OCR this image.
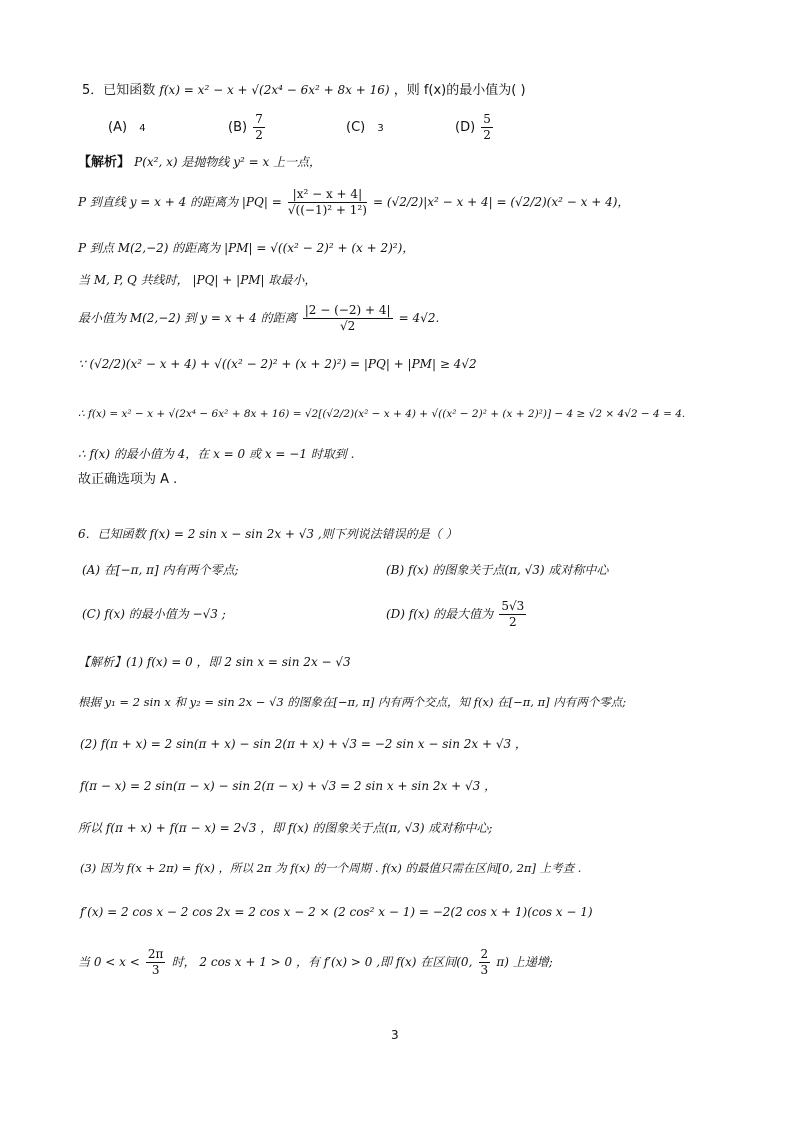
5．已知函数 f(x) = x² − x + √(2x⁴ − 6x² + 8x + 16) ，则 f(x)的最小值为( )
(A) 4	$(B) \frac{7}{2}$	(C) 3	$(D) \frac{5}{2}$
【解析】 P(x², x) 是抛物线 y² = x 上一点，
P 到直线 y = x + 4 的距离为 $|PQ| = \frac{\text{|x² − x + 4|}}{\text{√((−1)² + 1²)}} = (√2/2)|x^2 - x + 4| = (√2/2)(x^2 - x + 4)$，
P 到点 M(2,−2) 的距离为 |PM| = √((x² − 2)² + (x + 2)²)，
当 M, P, Q 共线时， |PQ| + |PM| 取最小，
最小值为 M(2,−2) 到 y = x + 4 的距离 $\frac{|2 - (-2) + 4|}{√2} = 4√2$.
∵ (√2/2)(x² − x + 4) + √((x² − 2)² + (x + 2)²) = |PQ| + |PM| ≥ 4√2
∴ f(x) = x² − x + √(2x⁴ − 6x² + 8x + 16) = √2[(√2/2)(x² − x + 4) + √((x² − 2)² + (x + 2)²)] − 4 ≥ √2 × 4√2 − 4 = 4.
∴ f(x) 的最小值为 4，在 x = 0 或 x = −1 时取到 .
故正确选项为 A .
6．已知函数 f(x) = 2 sin x − sin 2x + √3 ,则下列说法错误的是（ ）
(A) 在[−π, π] 内有两个零点;	(B) f(x) 的图象关于点(π, √3) 成对称中心
(C) f(x) 的最小值为 −√3 ;	(D) f(x) 的最大值为 $\frac{5√3}{2}$
【解析】(1) f(x) = 0 ，即 2 sin x = sin 2x − √3
根据 y₁ = 2 sin x 和 y₂ = sin 2x − √3 的图象在[−π, π] 内有两个交点，知 f(x) 在[−π, π] 内有两个零点;
(2) f(π + x) = 2 sin(π + x) − sin 2(π + x) + √3 = −2 sin x − sin 2x + √3 ，
f(π − x) = 2 sin(π − x) − sin 2(π − x) + √3 = 2 sin x + sin 2x + √3 ，
所以 f(π + x) + f(π − x) = 2√3 ，即 f(x) 的图象关于点(π, √3) 成对称中心;
(3) 因为 f(x + 2π) = f(x) ，所以 2π 为 f(x) 的一个周期 . f(x) 的最值只需在区间[0, 2π] 上考查 .
f′(x) = 2 cos x − 2 cos 2x = 2 cos x − 2 × (2 cos² x − 1) = −2(2 cos x + 1)(cos x − 1)
当 $0 < x < \frac{2\pi}{3}$ 时， 2 cos x + 1 > 0 ，有 f′(x) > 0 ,即 f(x) 在区间(0, $\frac{2}{3} \pi$) 上递增;
3
